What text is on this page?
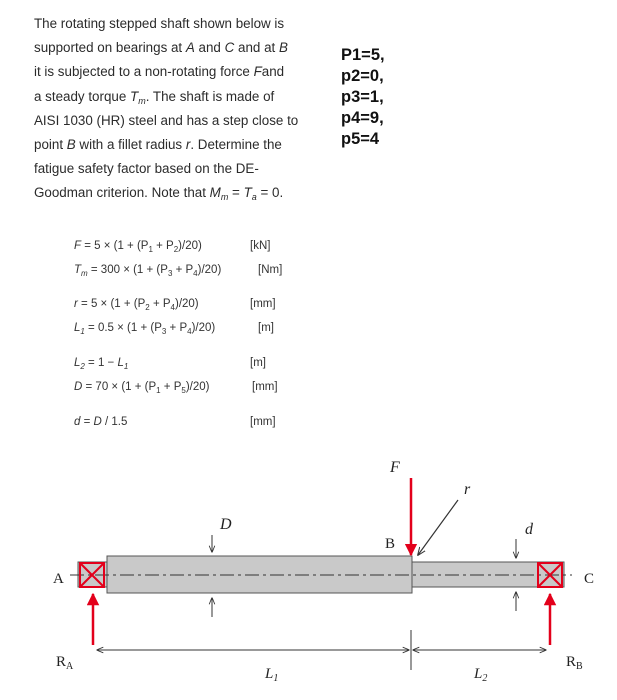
The rotating stepped shaft shown below is
supported on bearings at A and C and at B
it is subjected to a non-rotating force Fand
a steady torque $T_m$. The shaft is made of
AISI 1030 (HR) steel and has a step close to
point B with a fillet radius r. Determine the
fatigue safety factor based on the DE-
Goodman criterion. Note that $M_m = T_a = 0$.
P1=5,
p2=0,
p3=1,
p4=9,
p5=4
$F = 5 \times (1 + (P_1 + P_2)/20)$	[kN]
$T_m = 300 \times (1 + (P_3 + P_4)/20)$	[Nm]
$r = 5 \times (1 + (P_2 + P_4)/20)$	[mm]
$L_1 = 0.5 \times (1 + (P_3 + P_4)/20)$	[m]
$L_2 = 1 - L_1$	[m]
$D = 70 \times (1 + (P_1 + P_5)/20)$	[mm]
d = D / 1.5	[mm]
F
r
D	d
B
A	C
$R_A$	$R_B$
$L_1$	$L_2$
